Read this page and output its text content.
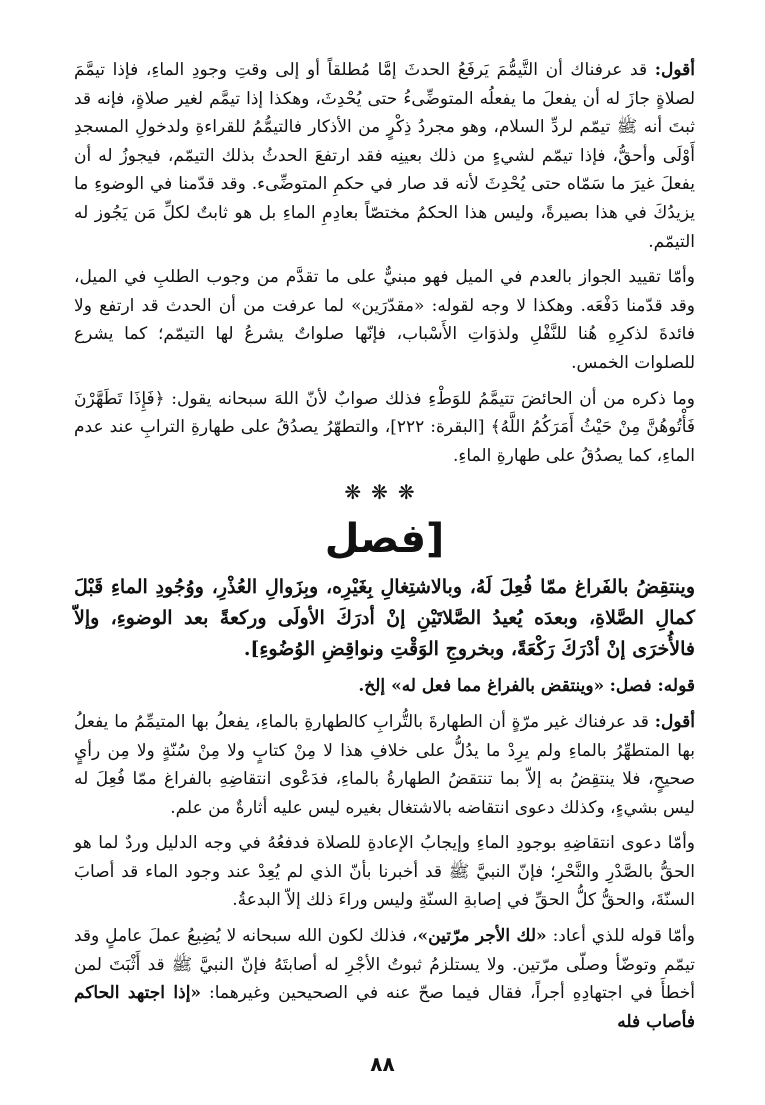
أقول: قد عرفناك أن التَّيمُّمَ يَرفَعُ الحدثَ إمَّا مُطلقاً أو إلى وقتِ وجودِ الماءِ، فإذا تيمَّمَ لصلاةٍ جازَ له أن يفعلَ ما يفعلُه المتوضِّىءُ حتى يُحْدِثَ، وهكذا إذا تيمَّم لغير صلاةٍ، فإنه قد ثبتَ أنه ﷺ تيمّم لردِّ السلام، وهو مجردُ ذِكْرٍ من الأذكار فالتيمُّمُ للقراءةِ ولدخولِ المسجدِ أَوْلَى وأحقُّ، فإذا تيمّم لشيءٍ من ذلك بعينِه فقد ارتفعَ الحدثُ بذلك التيمّم، فيجوزُ له أن يفعلَ غيرَ ما سَمّاه حتى يُحْدِثَ لأنه قد صار في حكمِ المتوضِّىء. وقد قدّمنا في الوضوءِ ما يزيدُكَ في هذا بصيرةً، وليس هذا الحكمُ مختصّاً بعادِمِ الماءِ بل هو ثابتٌ لكلِّ مَن يَجُوز له التيمّم.

وأمّا تقييد الجواز بالعدم في الميل فهو مبنيٌّ على ما تقدَّم من وجوب الطلبِ في الميل، وقد قدّمنا دَفْعَه. وهكذا لا وجه لقوله: «مقدّرَين» لما عرفت من أن الحدث قد ارتفع ولا فائدةَ لذكرِهِ هُنا للنَّفْلِ ولذوَاتِ الأَسْباب، فإنّها صلواتٌ يشرعُ لها التيمّم؛ كما يشرع للصلوات الخمس.

وما ذكره من أن الحائضَ تتيمَّمُ للوَطْءِ فذلك صوابٌ لأنّ اللهَ سبحانه يقول: ﴿فَإِذَا تَطَهَّرْنَ فَأْتُوهُنَّ مِنْ حَيْثُ أَمَرَكُمُ اللَّهُ﴾ [البقرة: ٢٢٢]، والتطهّرُ يصدُقُ على طهارةِ الترابِ عند عدم الماءِ، كما يصدُقُ على طهارةِ الماءِ.

❋❋❋
[فصل

وينتقِضُ بالفَراغ ممّا فُعِلَ لَهُ، وبالاشتِغالِ بِغَيْرِه، وبِزَوالِ العُذْرِ، ووُجُودِ الماءِ قَبْلَ كمالِ الصَّلاةِ، وبعدَه يُعيدُ الصَّلاتَيْنِ إنْ أدرَكَ الأولَى وركعةً بعد الوضوءِ، وإلاّ فالأُخرَى إنْ أدْرَكَ رَكْعَةً، وبخروجِ الوَقْتِ ونواقِضِ الوُضُوءِ].

قوله: فصل: «وينتقض بالفراغ مما فعل له» إلخ.

أقول: قد عرفناك غير مرّةٍ أن الطهارةَ بالتُّرابِ كالطهارةِ بالماءِ، يفعلُ بها المتيمِّمُ ما يفعلُ بها المتطهِّرُ بالماءِ ولم يرِدْ ما يدُلُّ على خلافِ هذا لا مِنْ كتابٍ ولا مِنْ سُنّةٍ ولا مِن رأيٍ صحيحٍ، فلا ينتقِضُ به إلاّ بما تنتقضُ الطهارةُ بالماءِ، فدَعْوى انتقاضِهِ بالفراغ ممّا فُعِلَ له ليس بشيءٍ، وكذلك دعوى انتقاضه بالاشتغال بغيره ليس عليه أثارةٌ من علم.

وأمّا دعوى انتقاضِهِ بوجودِ الماءِ وإيجابُ الإعادةِ للصلاة فدفعُهُ في وجه الدليل وردٌ لما هو الحقُّ بالصَّدْرِ والنَّحْرِ؛ فإنّ النبيَّ ﷺ قد أخبرنا بأنّ الذي لم يُعِدْ عند وجود الماء قد أصابَ السنّةَ، والحقُّ كلُّ الحقِّ في إصابةِ السنّةِ وليس وراءَ ذلك إلاّ البدعةُ.

وأمّا قوله للذي أعاد: «لك الأجر مرّتين»، فذلك لكون الله سبحانه لا يُضِيعُ عملَ عاملٍ وقد تيمّم وتوضّأ وصلّى مرّتين. ولا يستلزمُ ثبوتُ الأجْرِ له أصابتَهُ فإنّ النبيَّ ﷺ قد أَثْبَتَ لمن أخطأَ في اجتهادِهِ أجراً، فقال فيما صحّ عنه في الصحيحين وغيرهما: «إذا اجتهد الحاكم فأصاب فله

٨٨
